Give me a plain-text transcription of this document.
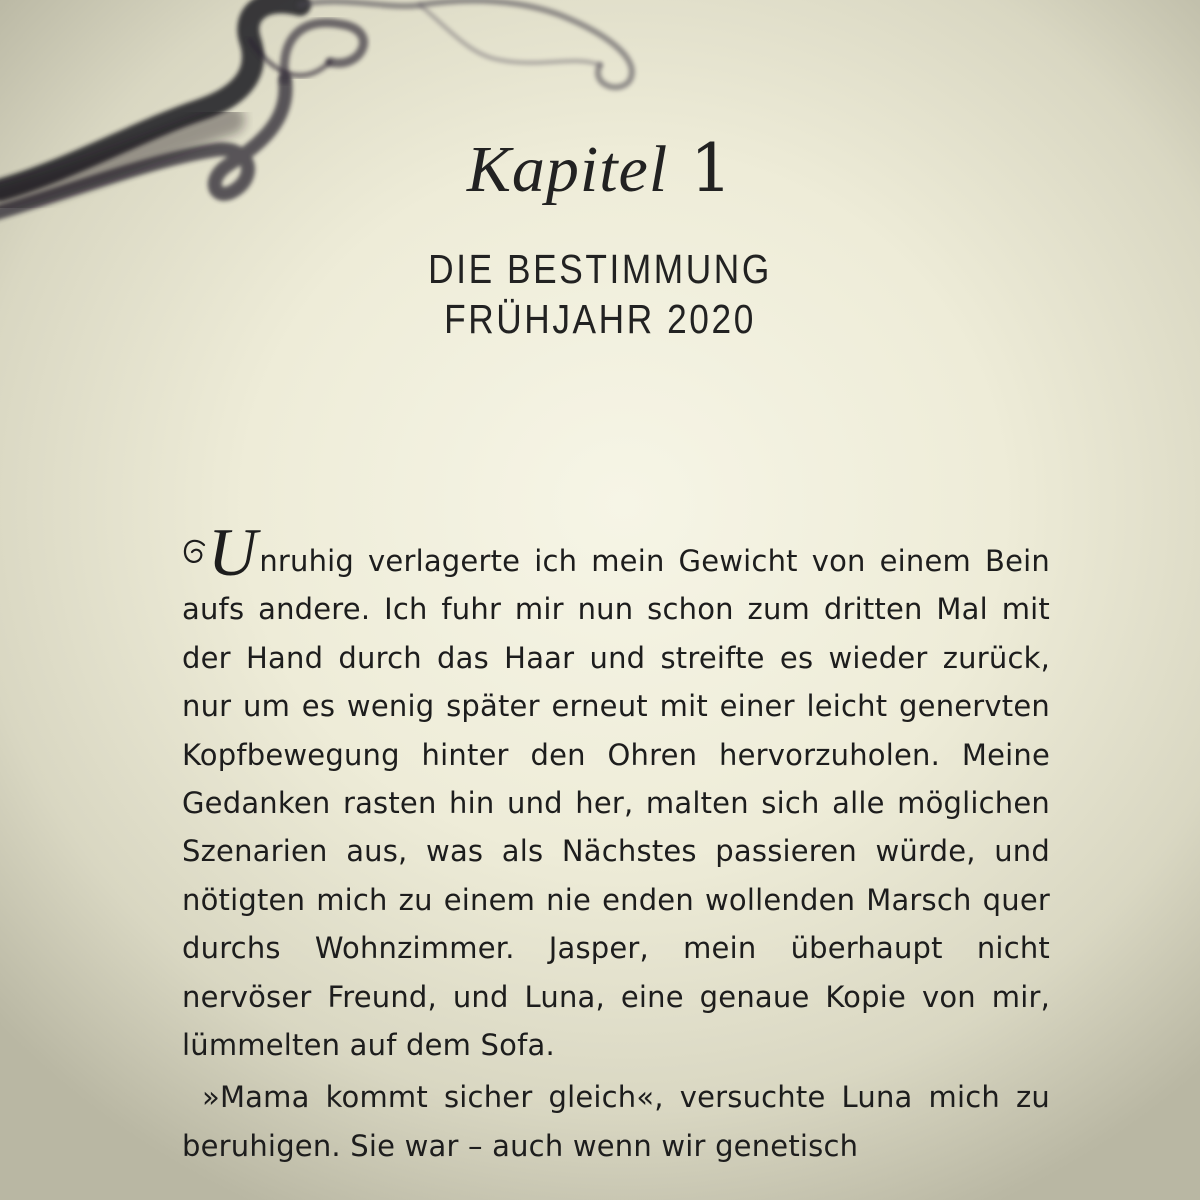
Kapitel 1
DIE BESTIMMUNG
FRÜHJAHR 2020

Unruhig verlagerte ich mein Gewicht von einem Bein aufs andere. Ich fuhr mir nun schon zum dritten Mal mit der Hand durch das Haar und streifte es wieder zurück, nur um es wenig später erneut mit einer leicht genervten Kopfbewegung hinter den Ohren hervorzuholen. Meine Gedanken rasten hin und her, malten sich alle möglichen Szenarien aus, was als Nächstes passieren würde, und nötigten mich zu einem nie enden wollenden Marsch quer durchs Wohnzimmer. Jasper, mein überhaupt nicht nervöser Freund, und Luna, eine genaue Kopie von mir, lümmelten auf dem Sofa.

»Mama kommt sicher gleich«, versuchte Luna mich zu beruhigen. Sie war – auch wenn wir genetisch
